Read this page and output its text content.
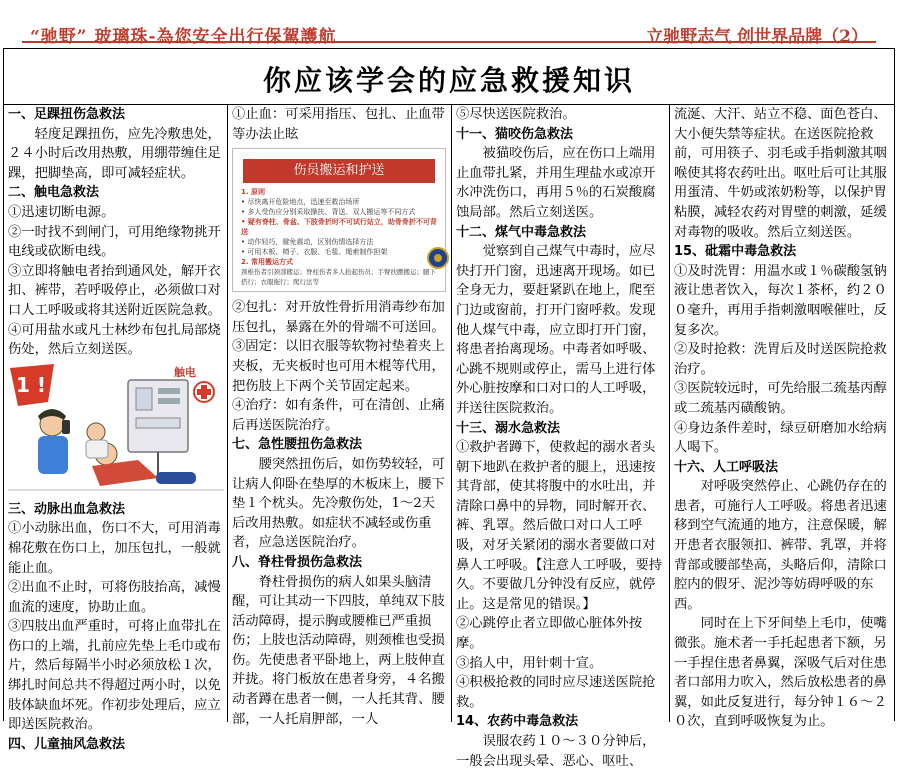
“驰野” 玻璃珠-為您安全出行保駕護航	立驰野志气 创世界品牌（2）
你应该学会的应急救援知识
一、足踝扭伤急救法

轻度足踝扭伤，应先冷敷患处，２４小时后改用热敷，用绷带缠住足踝，把脚垫高，即可减轻症状。

二、触电急救法

①迅速切断电源。

②一时找不到闸门，可用绝缘物挑开电线或砍断电线。

③立即将触电者抬到通风处，解开衣扣、裤带，若呼吸停止，必须做口对口人工呼吸或将其送附近医院急救。

④可用盐水或凡士林纱布包扎局部烧伤处，然后立刻送医。

1 ! 0
触电
三、动脉出血急救法

①小动脉出血，伤口不大，可用消毒棉花敷在伤口上，加压包扎，一般就能止血。

②出血不止时，可将伤肢抬高，减慢血流的速度，协助止血。

③四肢出血严重时，可将止血带扎在伤口的上端，扎前应先垫上毛巾或布片，然后每隔半小时必须放松１次，绑扎时间总共不得超过两小时，以免肢体缺血坏死。作初步处理后，应立即送医院救治。

四、儿童抽风急救法

①止血：可采用指压、包扎、止血带等办法止眩

伤员搬运和护送
1. 原则
• 尽快离开危险地点，迅速至救治场所
• 多人受伤应分别采取操扶、背送、双人搬运等不同方式
• 疑有脊柱、骨盆、下肢骨折时不可试行站立，助骨骨折不可背送
• 动作轻巧，避免震动，区别伤情选择方法
• 可用木板、椅子、衣服、毛毯、绳索制作担架
2. 常用搬运方式
颈椎伤者引颈部搬运；脊柱伤者多人抬起伤员；手臂扶腰搬运；腿下搭行；衣服拖行；爬行法等

②包扎：对开放性骨折用消毒纱布加压包扎，暴露在外的骨端不可送回。

③固定：以旧衣服等软物衬垫着夹上夹板，无夹板时也可用木棍等代用，把伤肢上下两个关节固定起来。

④治疗：如有条件，可在清创、止痛后再送医院治疗。

七、急性腰扭伤急救法

腰突然扭伤后，如伤势较轻，可让病人仰卧在垫厚的木板床上，腰下垫１个枕头。先冷敷伤处，1～2天后改用热敷。如症状不减轻或伤重者，应急送医院治疗。

八、脊柱骨损伤急救法

脊柱骨损伤的病人如果头脑清醒，可让其动一下四肢，单纯双下肢活动障碍，提示胸或腰椎已严重损伤；上肢也活动障碍，则颈椎也受损伤。先使患者平卧地上，两上肢伸直并拢。将门板放在患者身旁，４名搬动者蹲在患者一侧，一人托其背、腰部，一人托肩胛部，一人

⑤尽快送医院救治。

十一、猫咬伤急救法

被猫咬伤后，应在伤口上端用止血带扎紧，并用生理盐水或凉开水冲洗伤口，再用５％的石炭酸腐蚀局部。然后立刻送医。

十二、煤气中毒急救法

觉察到自己煤气中毒时，应尽快打开门窗，迅速离开现场。如已全身无力，要赶紧趴在地上，爬至门边或窗前，打开门窗呼救。发现他人煤气中毒，应立即打开门窗，将患者抬离现场。中毒者如呼吸、心跳不规则或停止，需马上进行体外心脏按摩和口对口的人工呼吸，并送往医院救治。

十三、溺水急救法

①救护者蹲下，使救起的溺水者头朝下地趴在救护者的腿上，迅速按其背部，使其将腹中的水吐出，并清除口鼻中的异物，同时解开衣、裤、乳罩。然后做口对口人工呼吸，对牙关紧闭的溺水者要做口对鼻人工呼吸。【注意人工呼吸，要持久。不要做几分钟没有反应，就停止。这是常见的错误。】

②心跳停止者立即做心脏体外按摩。

③掐人中，用针刺十宣。

④积极抢救的同时应尽速送医院抢救。

14、农药中毒急救法

误服农药１０～３０分钟后，一般会出现头晕、恶心、呕吐、

流涎、大汗、站立不稳、面色苍白、大小便失禁等症状。在送医院抢救前，可用筷子、羽毛或手指刺激其咽喉使其将农药吐出。呕吐后可让其服用蛋清、牛奶或浓奶粉等，以保护胃粘膜，减轻农药对胃壁的刺激，延缓对毒物的吸收。然后立刻送医。

15、砒霜中毒急救法

①及时洗胃：用温水或１％碳酸氢钠液让患者饮入，每次１茶杯，约２００毫升，再用手指刺激咽喉催吐，反复多次。

②及时抢救：洗胃后及时送医院抢救治疗。

③医院较远时，可先给服二巯基丙醇或二巯基丙磺酸钠。

④身边条件差时，绿豆研磨加水给病人喝下。

十六、人工呼吸法

对呼吸突然停止、心跳仍存在的患者，可施行人工呼吸。将患者迅速移到空气流通的地方，注意保暖，解开患者衣服领扣、裤带、乳罩，并将背部或腰部垫高，头略后仰，清除口腔内的假牙、泥沙等妨碍呼吸的东西。

同时在上下牙间垫上毛巾，使嘴微张。施术者一手托起患者下额，另一手捏住患者鼻翼，深吸气后对住患者口部用力吹入，然后放松患者的鼻翼，如此反复进行，每分钟１６～２０次，直到呼吸恢复为止。
